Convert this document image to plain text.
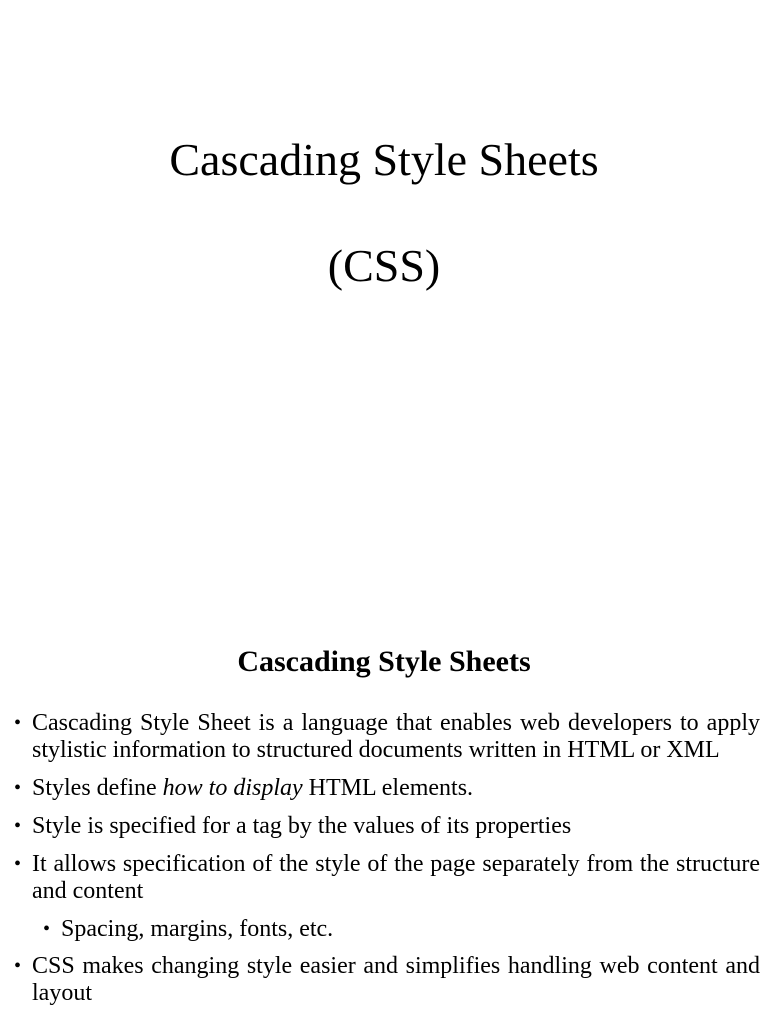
Cascading Style Sheets
(CSS)
Cascading Style Sheets
• Cascading Style Sheet is a language that enables web developers to apply stylistic information to structured documents written in HTML or XML
• Styles define how to display HTML elements.
• Style is specified for a tag by the values of its properties
• It allows specification of the style of the page separately from the structure and content
• Spacing, margins, fonts, etc.
• CSS makes changing style easier and simplifies handling web content and layout
